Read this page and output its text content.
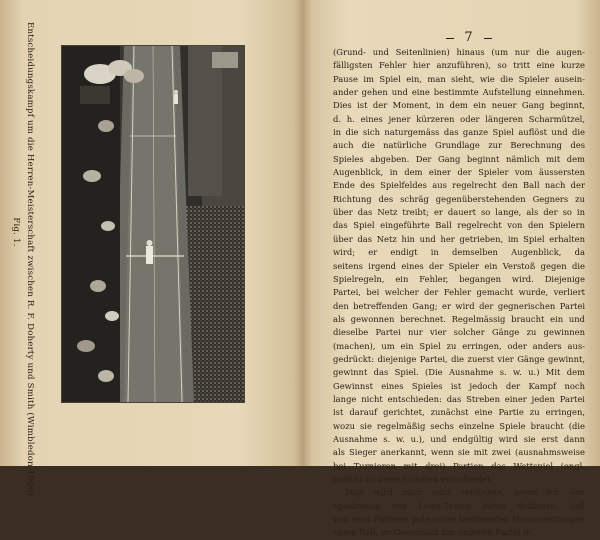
Entscheidungskampf um die Herren-Meisterschaft zwischen R. F. Doherty und Smith (Wimbledon 1906).
Fig. 1.
7
(Grund- und Seitenlinien) hinaus (um nur die augen-
fälligsten Fehler hier anzuführen), so tritt eine kurze
Pause im Spiel ein, man sieht, wie die Spieler ausein-
ander gehen und eine bestimmte Aufstellung einnehmen.
Dies ist der Moment, in dem ein neuer Gang beginnt,
d. h. eines jener kürzeren oder längeren Scharmützel,
in die sich naturgemäss das ganze Spiel auflöst und die
auch die natürliche Grundlage zur Berechnung des
Spieles abgeben. Der Gang beginnt nämlich mit dem
Augenblick, in dem einer der Spieler vom äussersten
Ende des Spielfeldes aus regelrecht den Ball nach der
Richtung des schräg gegenüberstehenden Gegners zu
über das Netz treibt; er dauert so lange, als der so in
das Spiel eingeführte Ball regelrecht von den Spielern
über das Netz hin und her getrieben, im Spiel erhalten
wird; er endigt in demselben Augenblick, da
seitens irgend eines der Spieler ein Verstoß gegen die
Spielregeln, ein Fehler, begangen wird. Diejenige
Partei, bei welcher der Fehler gemacht wurde, verliert
den betreffenden Gang; er wird der gegnerischen Partei
als gewonnen berechnet. Regelmässig braucht ein und
dieselbe Partei nur vier solcher Gänge zu gewinnen
(machen), um ein Spiel zu erringen, oder anders aus-
gedrückt: diejenige Partei, die zuerst vier Gänge gewinnt,
gewinnt das Spiel. (Die Ausnahme s. w. u.) Mit dem
Gewinnst eines Spieles ist jedoch der Kampf noch
lange nicht entschieden: das Streben einer jeden Partei
ist darauf gerichtet, zunächst eine Partie zu erringen,
wozu sie regelmäßig sechs einzelne Spiele braucht (die
Ausnahme s. w. u.), und endgültig wird sie erst dann
als Sieger anerkannt, wenn sie mit zwei (ausnahmsweise
bei Turnieren mit drei) Partien das Wettspiel (engl.
match) zu ihren Gunsten entscheidet.
Man wird mich jetzt verstehen, wenn ich den
Spielzweck von Lawn-Tennis dahin definiere, daß
von zwei Parteien jede unter bestimmten Voraussetzungen
einen Ball, im Gegensatz zur anderen Partei in
